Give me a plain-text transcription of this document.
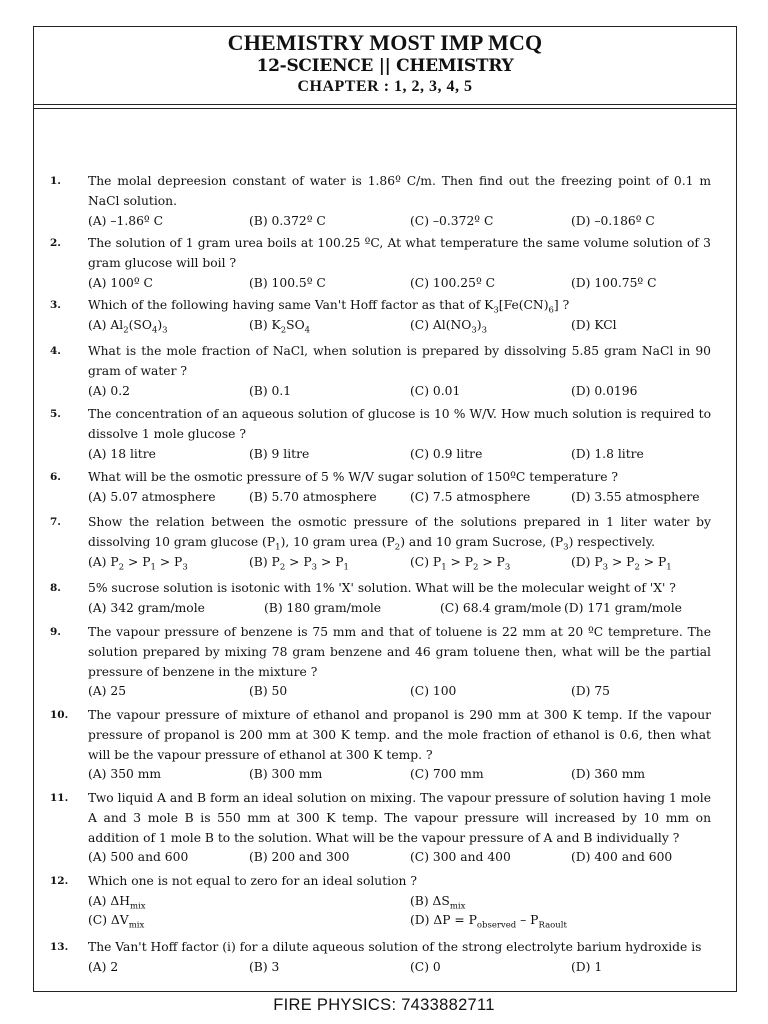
CHEMISTRY MOST IMP MCQ
12-SCIENCE || CHEMISTRY
CHAPTER : 1, 2, 3, 4, 5
1. The molal depreesion constant of water is 1.86º C/m. Then find out the freezing point of 0.1 m NaCl solution.
(A) –1.86º C	(B) 0.372º C	(C) –0.372º C	(D) –0.186º C
2. The solution of 1 gram urea boils at 100.25 ºC, At what temperature the same volume solution of 3 gram glucose will boil ?
(A) 100º C	(B) 100.5º C	(C) 100.25º C	(D) 100.75º C
3. Which of the following having same Van't Hoff factor as that of $K_3[Fe(CN)_6]$ ?
(A) $Al_2(SO_4)_3$	(B) $K_2SO_4$	(C) $Al(NO_3)_3$	(D) KCl
4. What is the mole fraction of NaCl, when solution is prepared by dissolving 5.85 gram NaCl in 90 gram of water ?
(A) 0.2	(B) 0.1	(C) 0.01	(D) 0.0196
5. The concentration of an aqueous solution of glucose is 10 % W/V. How much solution is required to dissolve 1 mole glucose ?
(A) 18 litre	(B) 9 litre	(C) 0.9 litre	(D) 1.8 litre
6. What will be the osmotic pressure of 5 % W/V sugar solution of 150ºC temperature ?
(A) 5.07 atmosphere	(B) 5.70 atmosphere	(C) 7.5 atmosphere	(D) 3.55 atmosphere
7. Show the relation between the osmotic pressure of the solutions prepared in 1 liter water by dissolving 10 gram glucose $(P_1)$, 10 gram urea $(P_2)$ and 10 gram Sucrose, $(P_3)$ respectively.
(A) $P_2 > P_1 > P_3$	(B) $P_2 > P_3 > P_1$	(C) $P_1 > P_2 > P_3$	(D) $P_3 > P_2 > P_1$
8. 5% sucrose solution is isotonic with 1% 'X' solution. What will be the molecular weight of 'X' ?
(A) 342 gram/mole	(B) 180 gram/mole	(C) 68.4 gram/mole (D) 171 gram/mole
9. The vapour pressure of benzene is 75 mm and that of toluene is 22 mm at 20 ºC tempreture. The solution prepared by mixing 78 gram benzene and 46 gram toluene then, what will be the partial pressure of benzene in the mixture ?
(A) 25	(B) 50	(C) 100	(D) 75
10. The vapour pressure of mixture of ethanol and propanol is 290 mm at 300 K temp. If the vapour pressure of propanol is 200 mm at 300 K temp. and the mole fraction of ethanol is 0.6, then what will be the vapour pressure of ethanol at 300 K temp. ?
(A) 350 mm	(B) 300 mm	(C) 700 mm	(D) 360 mm
11. Two liquid A and B form an ideal solution on mixing. The vapour pressure of solution having 1 mole A and 3 mole B is 550 mm at 300 K temp. The vapour pressure will increased by 10 mm on addition of 1 mole B to the solution. What will be the vapour pressure of A and B individually ?
(A) 500 and 600	(B) 200 and 300	(C) 300 and 400	(D) 400 and 600
12. Which one is not equal to zero for an ideal solution ?
(A) $\Delta H_{mix}$	(B) $\Delta S_{mix}$
(C) $\Delta V_{mix}$	(D) $\Delta P = P_{observed} - P_{Raoult}$
13. The Van't Hoff factor (i) for a dilute aqueous solution of the strong electrolyte barium hydroxide is
(A) 2	(B) 3	(C) 0	(D) 1
FIRE PHYSICS: 7433882711
